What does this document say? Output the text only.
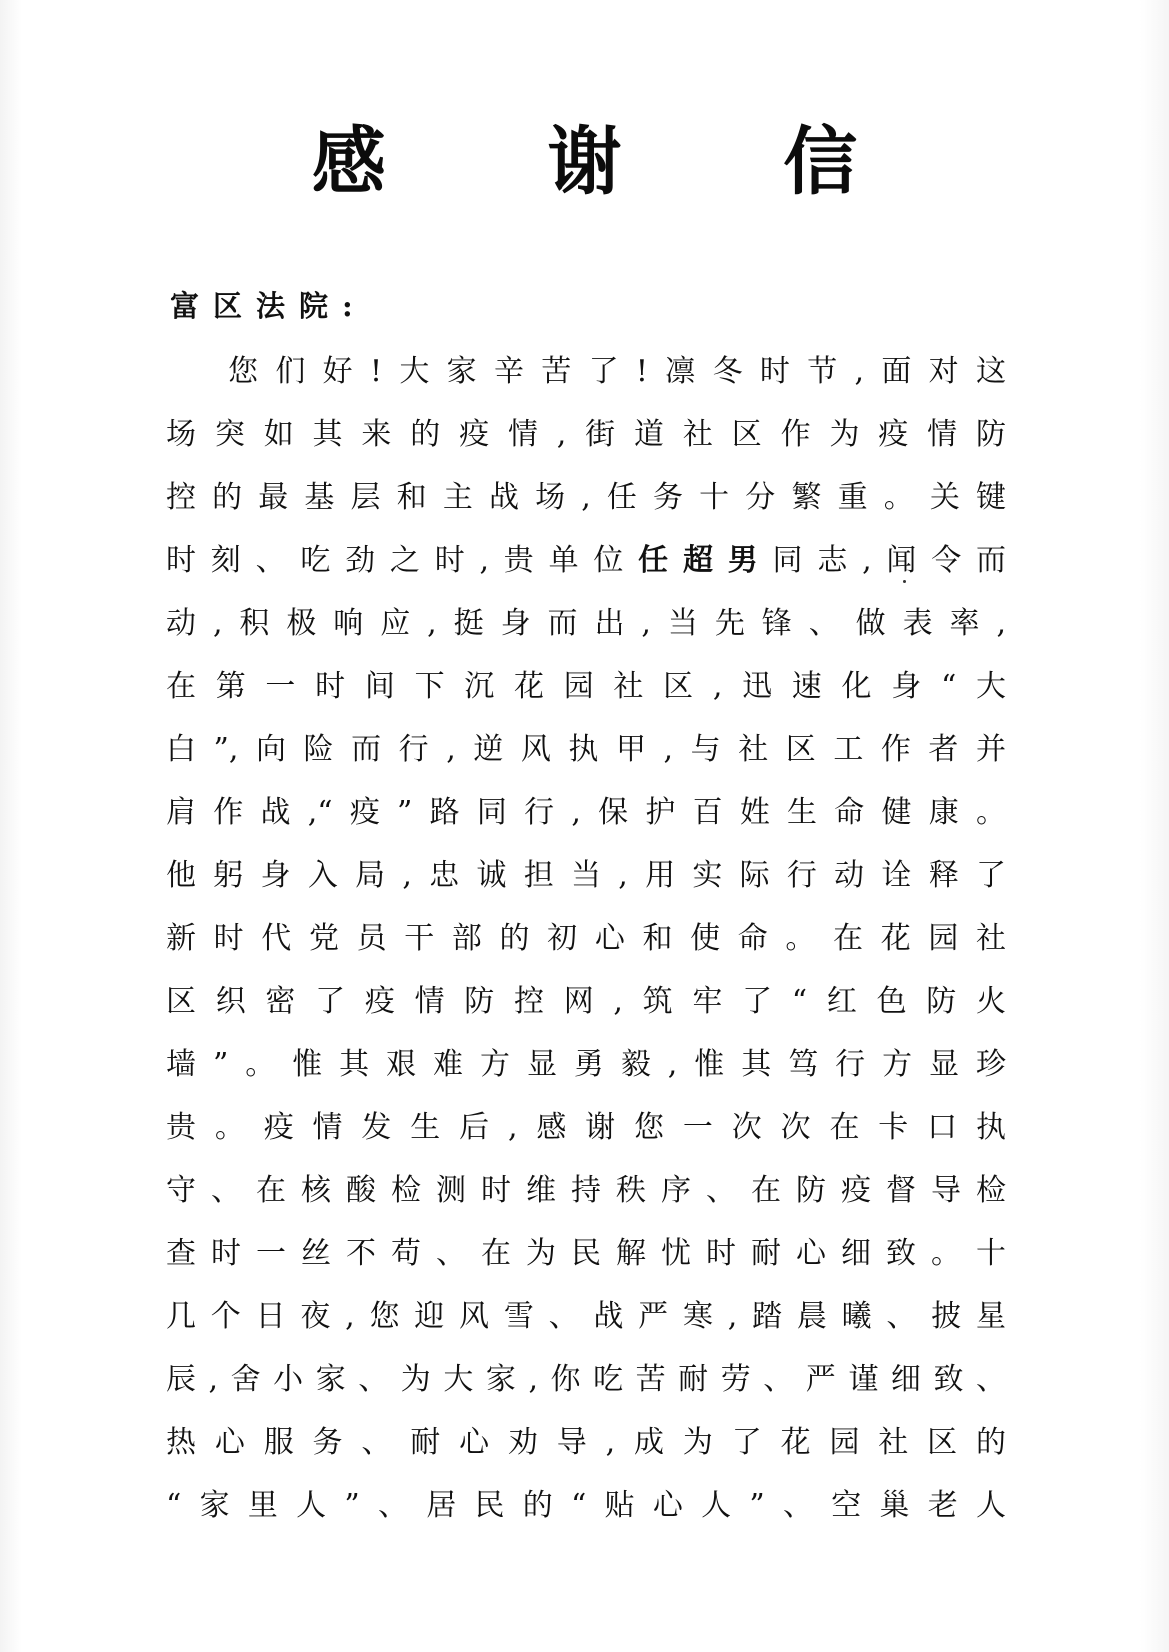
感 谢 信
富区法院:
您们好!大家辛苦了!凛冬时节,面对这
场突如其来的疫情,街道社区作为疫情防
控的最基层和主战场,任务十分繁重。关键
时刻、吃劲之时,贵单位任超男同志,闻令而
动,积极响应,挺身而出,当先锋、做表率,
在第一时间下沉花园社区,迅速化身“大
白”,向险而行,逆风执甲,与社区工作者并
肩作战,“疫”路同行,保护百姓生命健康。
他躬身入局,忠诚担当,用实际行动诠释了
新时代党员干部的初心和使命。在花园社
区织密了疫情防控网,筑牢了“红色防火
墙”。惟其艰难方显勇毅,惟其笃行方显珍
贵。疫情发生后,感谢您一次次在卡口执
守、在核酸检测时维持秩序、在防疫督导检
查时一丝不苟、在为民解忧时耐心细致。十
几个日夜,您迎风雪、战严寒,踏晨曦、披星
辰,舍小家、为大家,你吃苦耐劳、严谨细致、
热心服务、耐心劝导,成为了花园社区的
“家里人”、居民的“贴心人”、空巢老人
